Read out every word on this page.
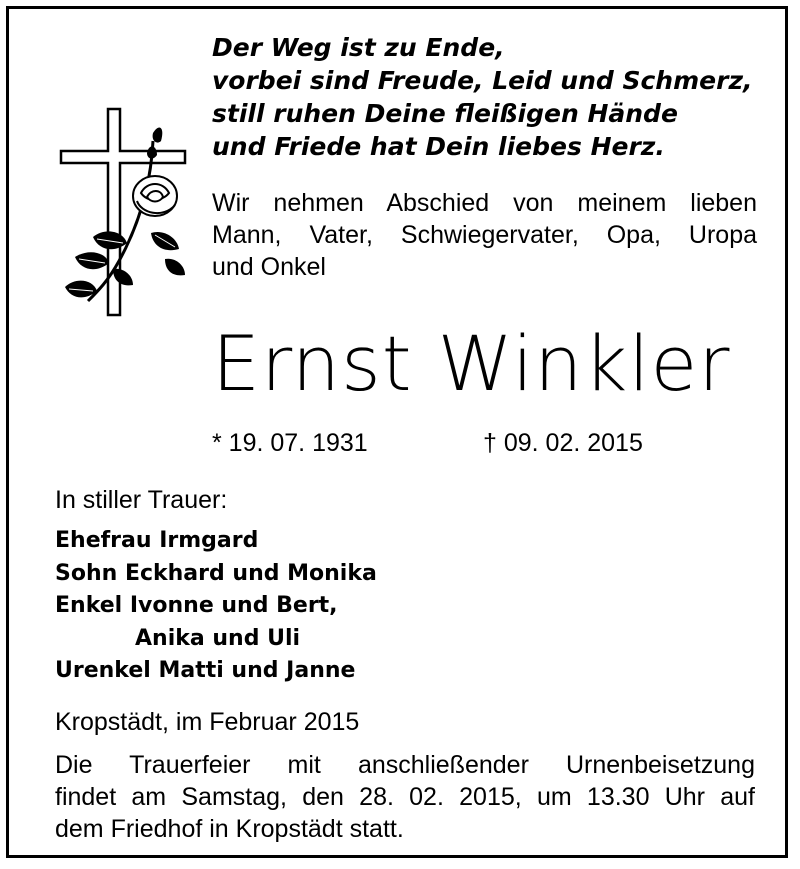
Der Weg ist zu Ende,
vorbei sind Freude, Leid und Schmerz,
still ruhen Deine fleißigen Hände
und Friede hat Dein liebes Herz.
Wir nehmen Abschied von meinem lieben
Mann, Vater, Schwiegervater, Opa, Uropa
und Onkel
Ernst Winkler
* 19. 07. 1931	† 09. 02. 2015
In stiller Trauer:
Ehefrau Irmgard
Sohn Eckhard und Monika
Enkel Ivonne und Bert,
Anika und Uli
Urenkel Matti und Janne
Kropstädt, im Februar 2015
Die Trauerfeier mit anschließender Urnenbeisetzung
findet am Samstag, den 28. 02. 2015, um 13.30 Uhr auf
dem Friedhof in Kropstädt statt.
